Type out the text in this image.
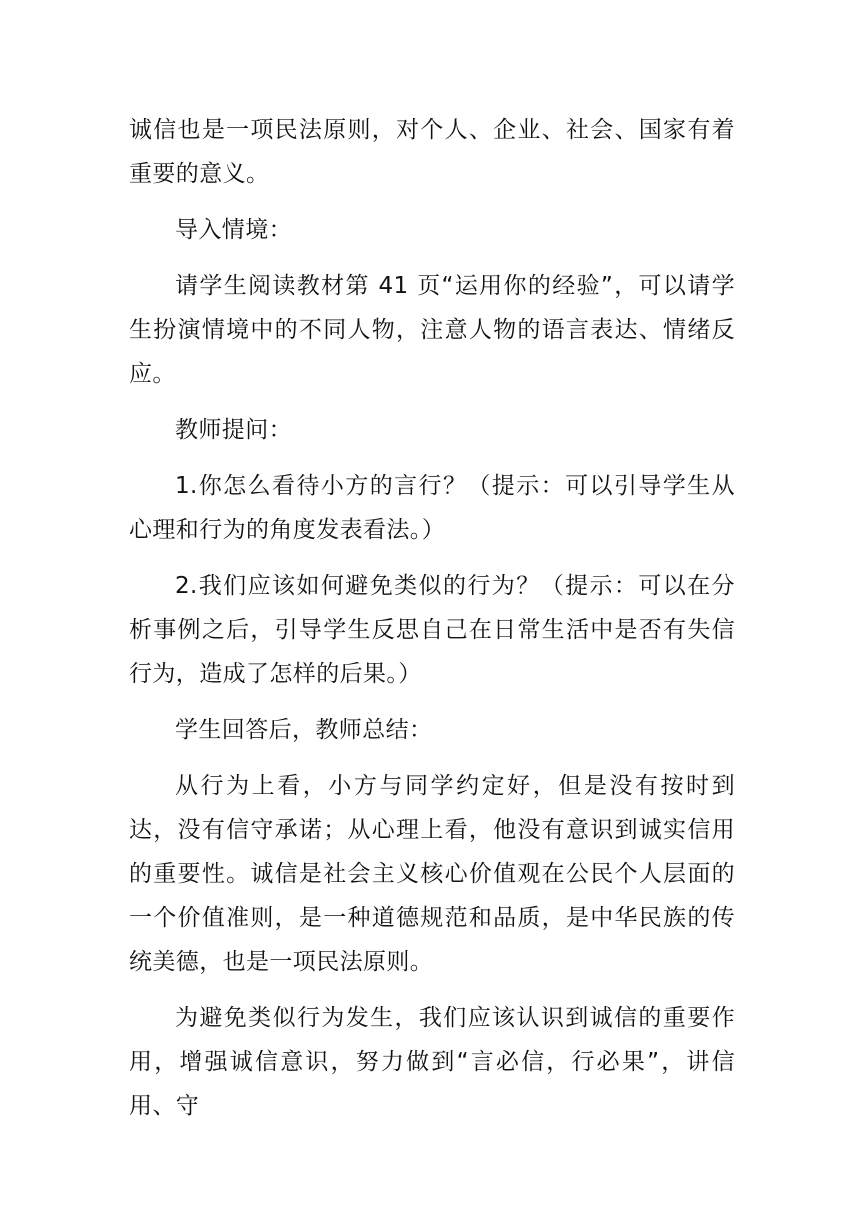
诚信也是一项民法原则，对个人、企业、社会、国家有着重要的意义。

导入情境：

请学生阅读教材第 41 页“运用你的经验”，可以请学生扮演情境中的不同人物，注意人物的语言表达、情绪反应。

教师提问：

1.你怎么看待小方的言行？（提示：可以引导学生从心理和行为的角度发表看法。）

2.我们应该如何避免类似的行为？（提示：可以在分析事例之后，引导学生反思自己在日常生活中是否有失信行为，造成了怎样的后果。）

学生回答后，教师总结：

从行为上看，小方与同学约定好，但是没有按时到达，没有信守承诺；从心理上看，他没有意识到诚实信用的重要性。诚信是社会主义核心价值观在公民个人层面的一个价值准则，是一种道德规范和品质，是中华民族的传统美德，也是一项民法原则。

为避免类似行为发生，我们应该认识到诚信的重要作用，增强诚信意识，努力做到“言必信，行必果”，讲信用、守
